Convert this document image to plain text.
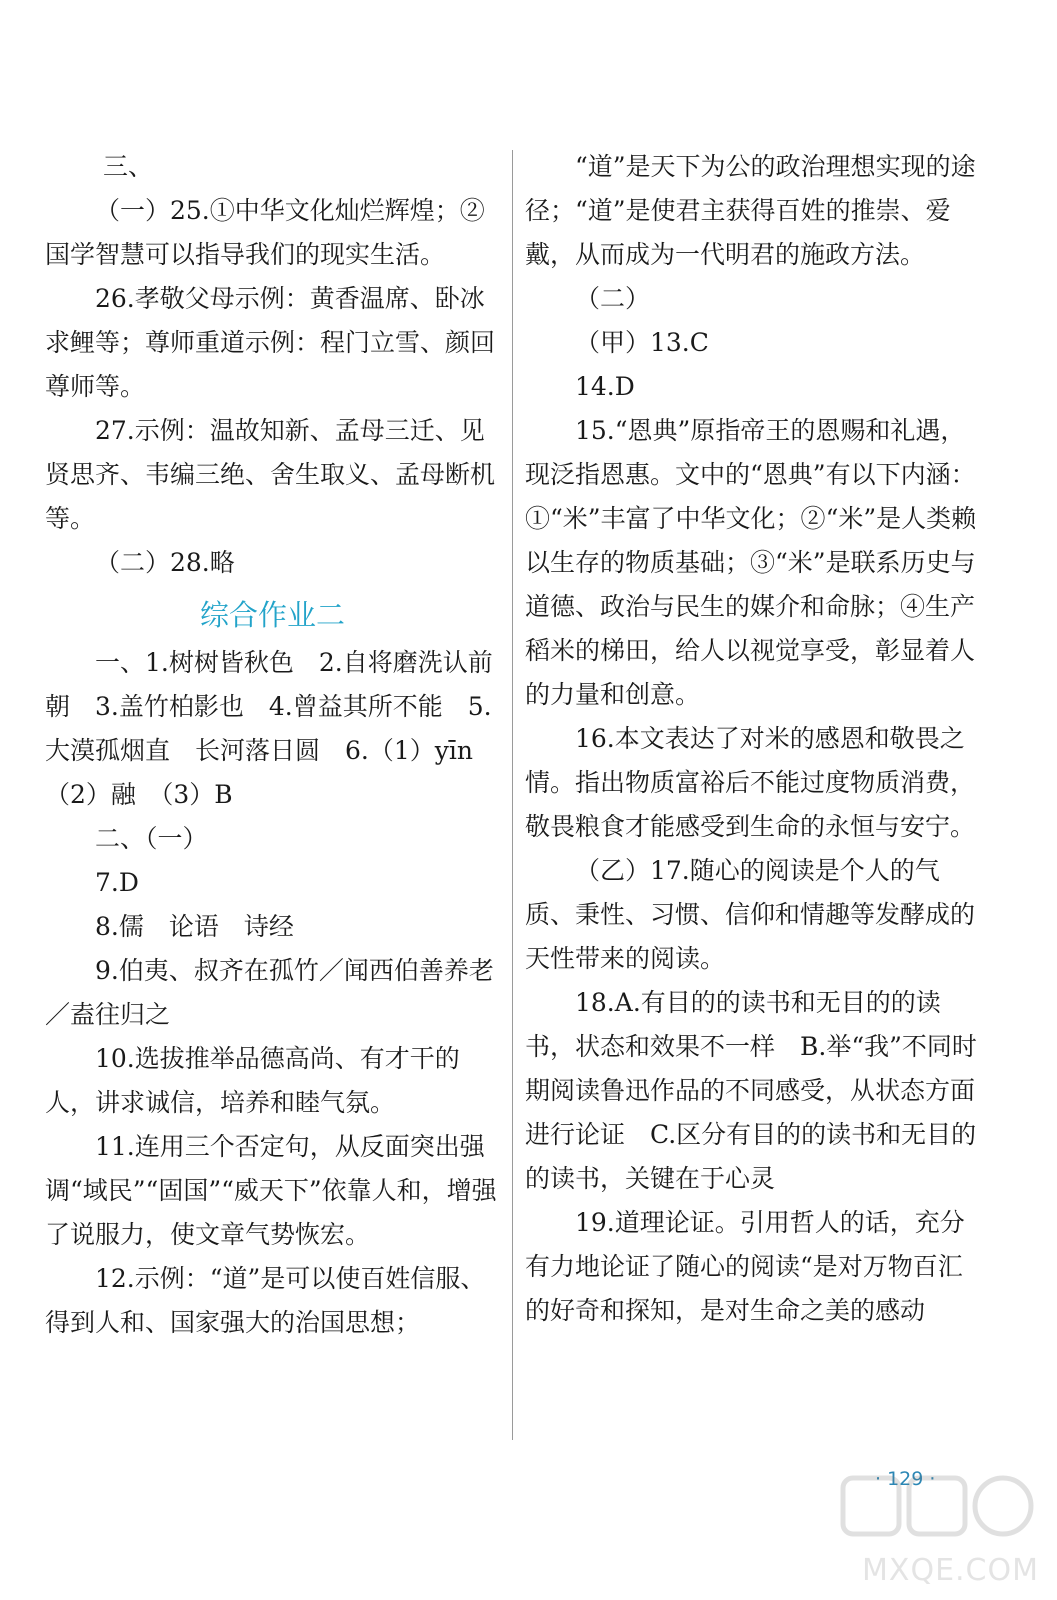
三、

（一）25.①中华文化灿烂辉煌；②国学智慧可以指导我们的现实生活。

26.孝敬父母示例：黄香温席、卧冰求鲤等；尊师重道示例：程门立雪、颜回尊师等。

27.示例：温故知新、孟母三迁、见贤思齐、韦编三绝、舍生取义、孟母断机等。

（二）28.略

综合作业二

一、1.树树皆秋色　2.自将磨洗认前朝　3.盖竹柏影也　4.曾益其所不能　5.大漠孤烟直　长河落日圆　6.（1）yīn　（2）融　（3）B

二、（一）

7.D

8.儒　论语　诗经

9.伯夷、叔齐在孤竹／闻西伯善养老／盍往归之

10.选拔推举品德高尚、有才干的人，讲求诚信，培养和睦气氛。

11.连用三个否定句，从反面突出强调“域民”“固国”“威天下”依靠人和，增强了说服力，使文章气势恢宏。

12.示例：“道”是可以使百姓信服、得到人和、国家强大的治国思想；

“道”是天下为公的政治理想实现的途径；“道”是使君主获得百姓的推崇、爱戴，从而成为一代明君的施政方法。

（二）

（甲）13.C

14.D

15.“恩典”原指帝王的恩赐和礼遇，现泛指恩惠。文中的“恩典”有以下内涵：①“米”丰富了中华文化；②“米”是人类赖以生存的物质基础；③“米”是联系历史与道德、政治与民生的媒介和命脉；④生产稻米的梯田，给人以视觉享受，彰显着人的力量和创意。

16.本文表达了对米的感恩和敬畏之情。指出物质富裕后不能过度物质消费，敬畏粮食才能感受到生命的永恒与安宁。

（乙）17.随心的阅读是个人的气质、秉性、习惯、信仰和情趣等发酵成的天性带来的阅读。

18.A.有目的的读书和无目的的读书，状态和效果不一样　B.举“我”不同时期阅读鲁迅作品的不同感受，从状态方面进行论证　C.区分有目的的读书和无目的的读书，关键在于心灵

19.道理论证。引用哲人的话，充分有力地论证了随心的阅读“是对万物百汇的好奇和探知，是对生命之美的感动

· 129 ·
MXQE.COM
